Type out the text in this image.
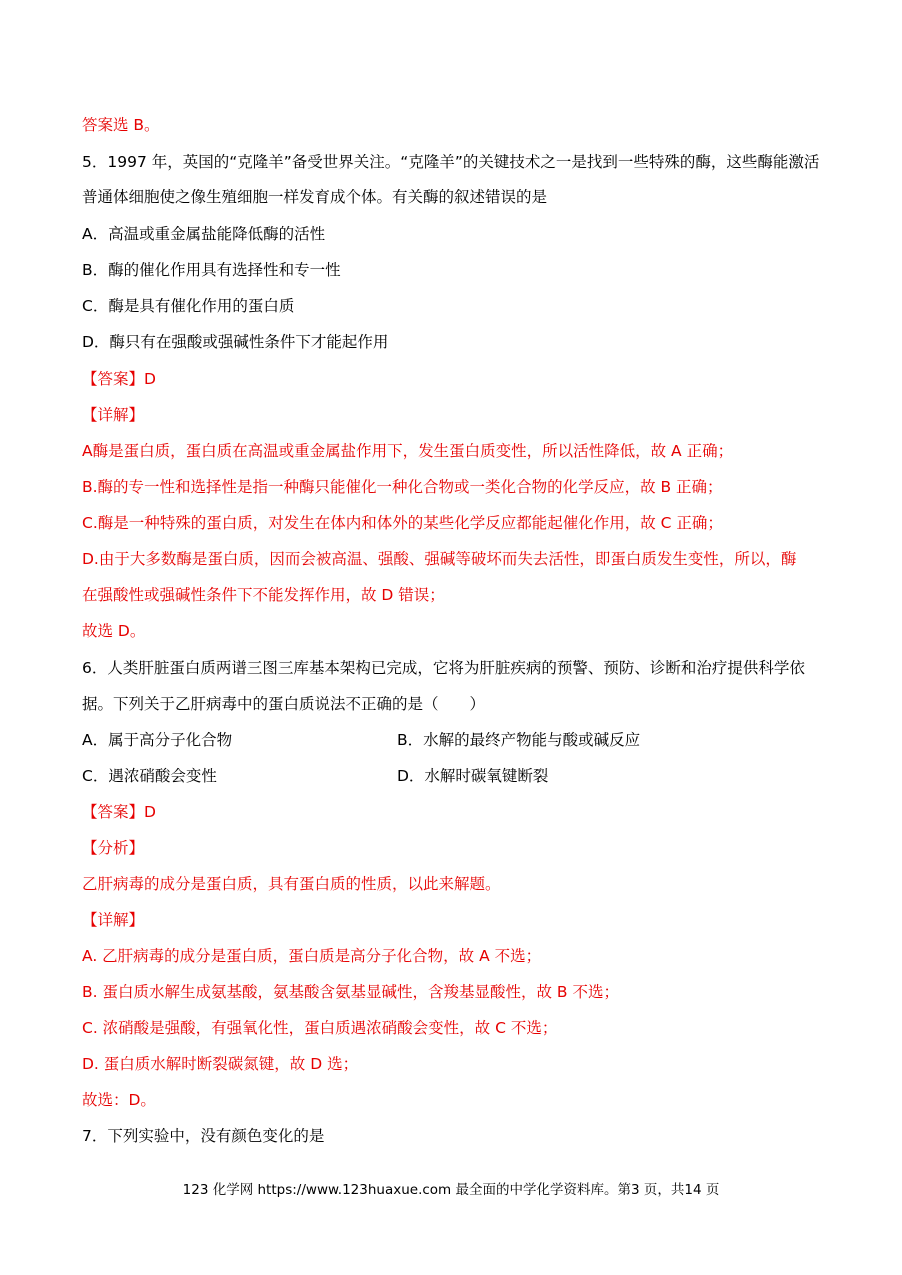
答案选 B。
5．1997 年，英国的“克隆羊”备受世界关注。“克隆羊”的关键技术之一是找到一些特殊的酶，这些酶能激活
普通体细胞使之像生殖细胞一样发育成个体。有关酶的叙述错误的是
A．高温或重金属盐能降低酶的活性
B．酶的催化作用具有选择性和专一性
C．酶是具有催化作用的蛋白质
D．酶只有在强酸或强碱性条件下才能起作用
【答案】D
【详解】
A酶是蛋白质，蛋白质在高温或重金属盐作用下，发生蛋白质变性，所以活性降低，故 A 正确；
B.酶的专一性和选择性是指一种酶只能催化一种化合物或一类化合物的化学反应，故 B 正确；
C.酶是一种特殊的蛋白质，对发生在体内和体外的某些化学反应都能起催化作用，故 C 正确；
D.由于大多数酶是蛋白质，因而会被高温、强酸、强碱等破坏而失去活性，即蛋白质发生变性，所以，酶
在强酸性或强碱性条件下不能发挥作用，故 D 错误；
故选 D。
6．人类肝脏蛋白质两谱三图三库基本架构已完成，它将为肝脏疾病的预警、预防、诊断和治疗提供科学依
据。下列关于乙肝病毒中的蛋白质说法不正确的是（　　）
A．属于高分子化合物	B．水解的最终产物能与酸或碱反应
C．遇浓硝酸会变性	D．水解时碳氧键断裂
【答案】D
【分析】
乙肝病毒的成分是蛋白质，具有蛋白质的性质，以此来解题。
【详解】
A. 乙肝病毒的成分是蛋白质，蛋白质是高分子化合物，故 A 不选；
B. 蛋白质水解生成氨基酸，氨基酸含氨基显碱性，含羧基显酸性，故 B 不选；
C. 浓硝酸是强酸，有强氧化性，蛋白质遇浓硝酸会变性，故 C 不选；
D. 蛋白质水解时断裂碳氮键，故 D 选；
故选：D。
7．下列实验中，没有颜色变化的是
123 化学网 https://www.123huaxue.com 最全面的中学化学资料库。第3 页，共14 页
